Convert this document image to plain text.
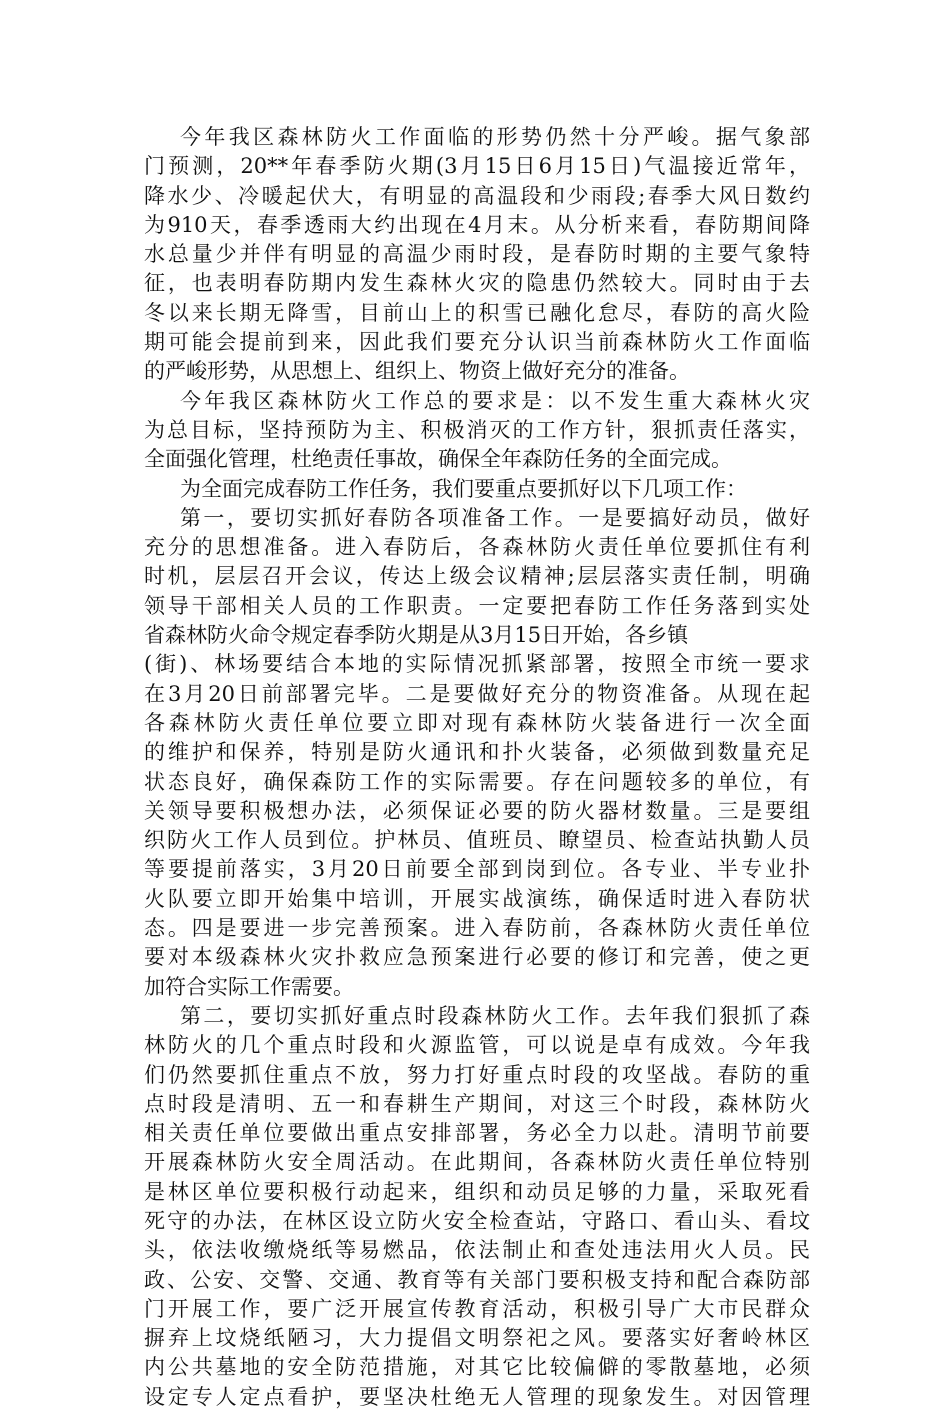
今年我区森林防火工作面临的形势仍然十分严峻。据气象部
门预测，20**年春季防火期(3月15日6月15日)气温接近常年，
降水少、冷暖起伏大，有明显的高温段和少雨段;春季大风日数约
为910天，春季透雨大约出现在4月末。从分析来看，春防期间降
水总量少并伴有明显的高温少雨时段，是春防时期的主要气象特
征，也表明春防期内发生森林火灾的隐患仍然较大。同时由于去
冬以来长期无降雪，目前山上的积雪已融化怠尽，春防的高火险
期可能会提前到来，因此我们要充分认识当前森林防火工作面临
的严峻形势，从思想上、组织上、物资上做好充分的准备。
今年我区森林防火工作总的要求是：以不发生重大森林火灾
为总目标，坚持预防为主、积极消灭的工作方针，狠抓责任落实，
全面强化管理，杜绝责任事故，确保全年森防任务的全面完成。
为全面完成春防工作任务，我们要重点要抓好以下几项工作：
第一，要切实抓好春防各项准备工作。一是要搞好动员，做好
充分的思想准备。进入春防后，各森林防火责任单位要抓住有利
时机，层层召开会议，传达上级会议精神;层层落实责任制，明确
领导干部相关人员的工作职责。一定要把春防工作任务落到实处
省森林防火命令规定春季防火期是从3月15日开始，各乡镇
(街)、林场要结合本地的实际情况抓紧部署，按照全市统一要求
在3月20日前部署完毕。二是要做好充分的物资准备。从现在起
各森林防火责任单位要立即对现有森林防火装备进行一次全面
的维护和保养，特别是防火通讯和扑火装备，必须做到数量充足
状态良好，确保森防工作的实际需要。存在问题较多的单位，有
关领导要积极想办法，必须保证必要的防火器材数量。三是要组
织防火工作人员到位。护林员、值班员、瞭望员、检查站执勤人员
等要提前落实，3月20日前要全部到岗到位。各专业、半专业扑
火队要立即开始集中培训，开展实战演练，确保适时进入春防状
态。四是要进一步完善预案。进入春防前，各森林防火责任单位
要对本级森林火灾扑救应急预案进行必要的修订和完善，使之更
加符合实际工作需要。
第二，要切实抓好重点时段森林防火工作。去年我们狠抓了森
林防火的几个重点时段和火源监管，可以说是卓有成效。今年我
们仍然要抓住重点不放，努力打好重点时段的攻坚战。春防的重
点时段是清明、五一和春耕生产期间，对这三个时段，森林防火
相关责任单位要做出重点安排部署，务必全力以赴。清明节前要
开展森林防火安全周活动。在此期间，各森林防火责任单位特别
是林区单位要积极行动起来，组织和动员足够的力量，采取死看
死守的办法，在林区设立防火安全检查站，守路口、看山头、看坟
头，依法收缴烧纸等易燃品，依法制止和查处违法用火人员。民
政、公安、交警、交通、教育等有关部门要积极支持和配合森防部
门开展工作，要广泛开展宣传教育活动，积极引导广大市民群众
摒弃上坟烧纸陋习，大力提倡文明祭祀之风。要落实好奢岭林区
内公共墓地的安全防范措施，对其它比较偏僻的零散墓地，必须
设定专人定点看护，要坚决杜绝无人管理的现象发生。对因管理
